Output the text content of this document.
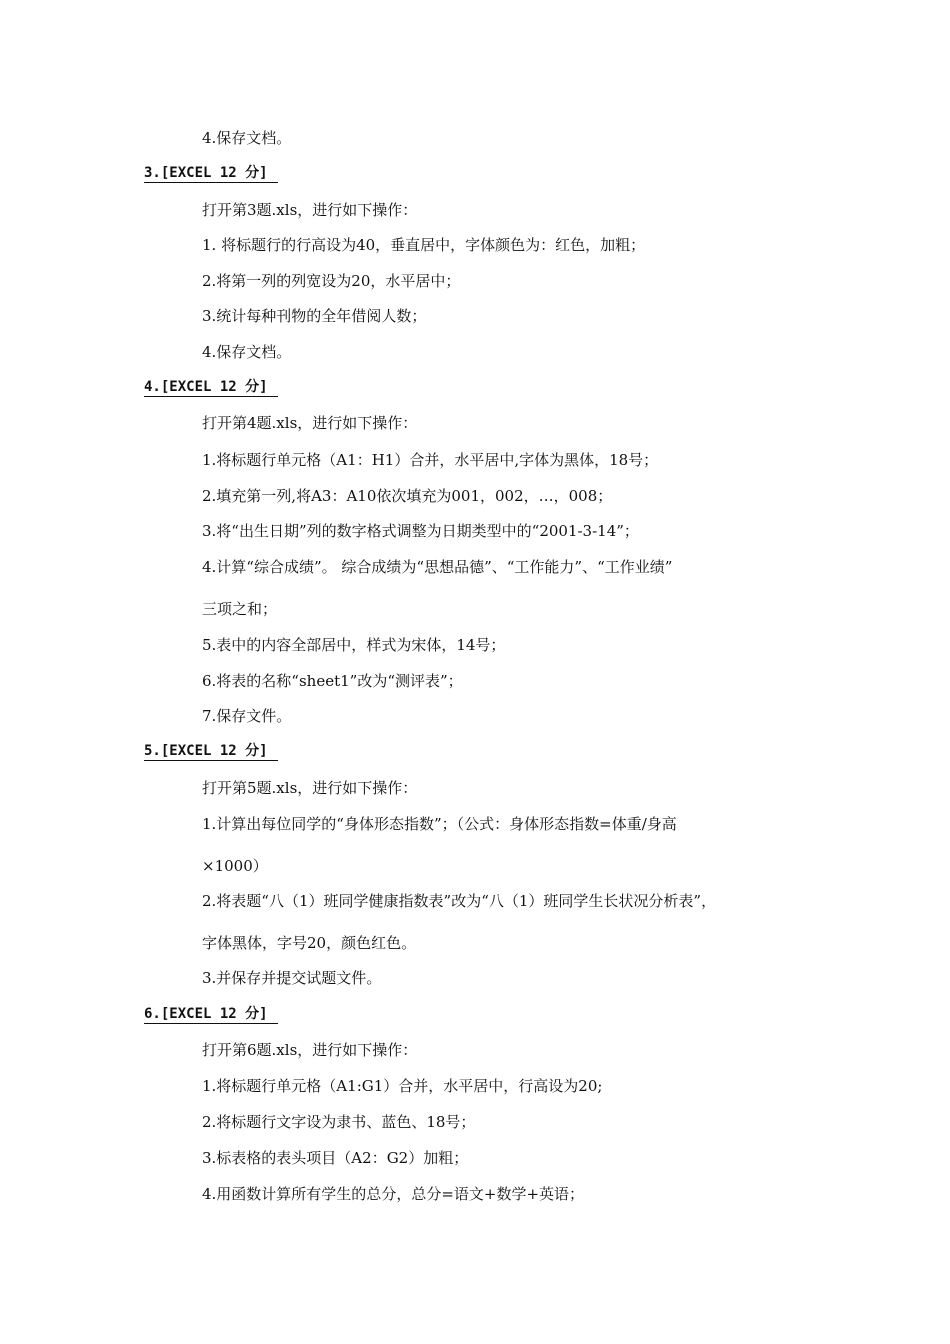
4.保存文档。
3.[EXCEL 12 分]
打开第3题.xls，进行如下操作：
1. 将标题行的行高设为40，垂直居中，字体颜色为：红色，加粗；
2.将第一列的列宽设为20，水平居中；
3.统计每种刊物的全年借阅人数；
4.保存文档。
4.[EXCEL 12 分]
打开第4题.xls，进行如下操作：
1.将标题行单元格（A1：H1）合并，水平居中,字体为黑体，18号；
2.填充第一列,将A3：A10依次填充为001，002，…，008；
3.将“出生日期”列的数字格式调整为日期类型中的“2001-3-14”；
4.计算“综合成绩”。 综合成绩为“思想品德”、“工作能力”、“工作业绩”
三项之和；
5.表中的内容全部居中，样式为宋体，14号；
6.将表的名称“sheet1”改为“测评表”；
7.保存文件。
5.[EXCEL 12 分]
打开第5题.xls，进行如下操作：
1.计算出每位同学的“身体形态指数”；（公式：身体形态指数=体重/身高
×1000）
2.将表题“八（1）班同学健康指数表”改为“八（1）班同学生长状况分析表”，
字体黑体，字号20，颜色红色。
3.并保存并提交试题文件。
6.[EXCEL 12 分]
打开第6题.xls，进行如下操作：
1.将标题行单元格（A1:G1）合并，水平居中，行高设为20;
2.将标题行文字设为隶书、蓝色、18号；
3.标表格的表头项目（A2：G2）加粗；
4.用函数计算所有学生的总分，总分=语文+数学+英语；
